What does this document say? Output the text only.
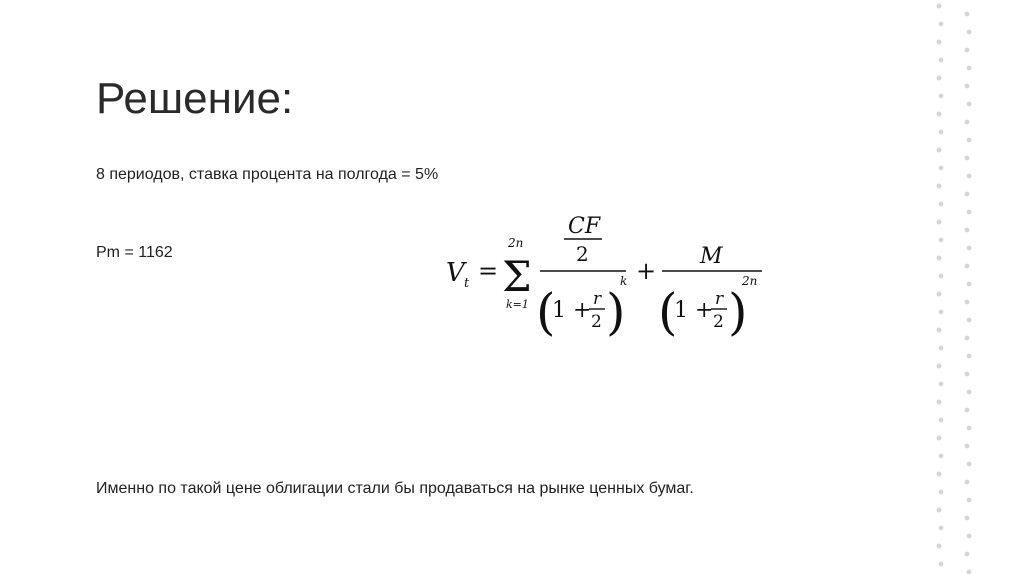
Решение:
8 периодов, ставка процента на полгода = 5%
Pm = 1162
V t =
2n
Σ
k=1
CF
2
(
1 + r
2 )
k +
M
(
1 + r
2 )
2n
Именно по такой цене облигации стали бы продаваться на рынке ценных бумаг.
